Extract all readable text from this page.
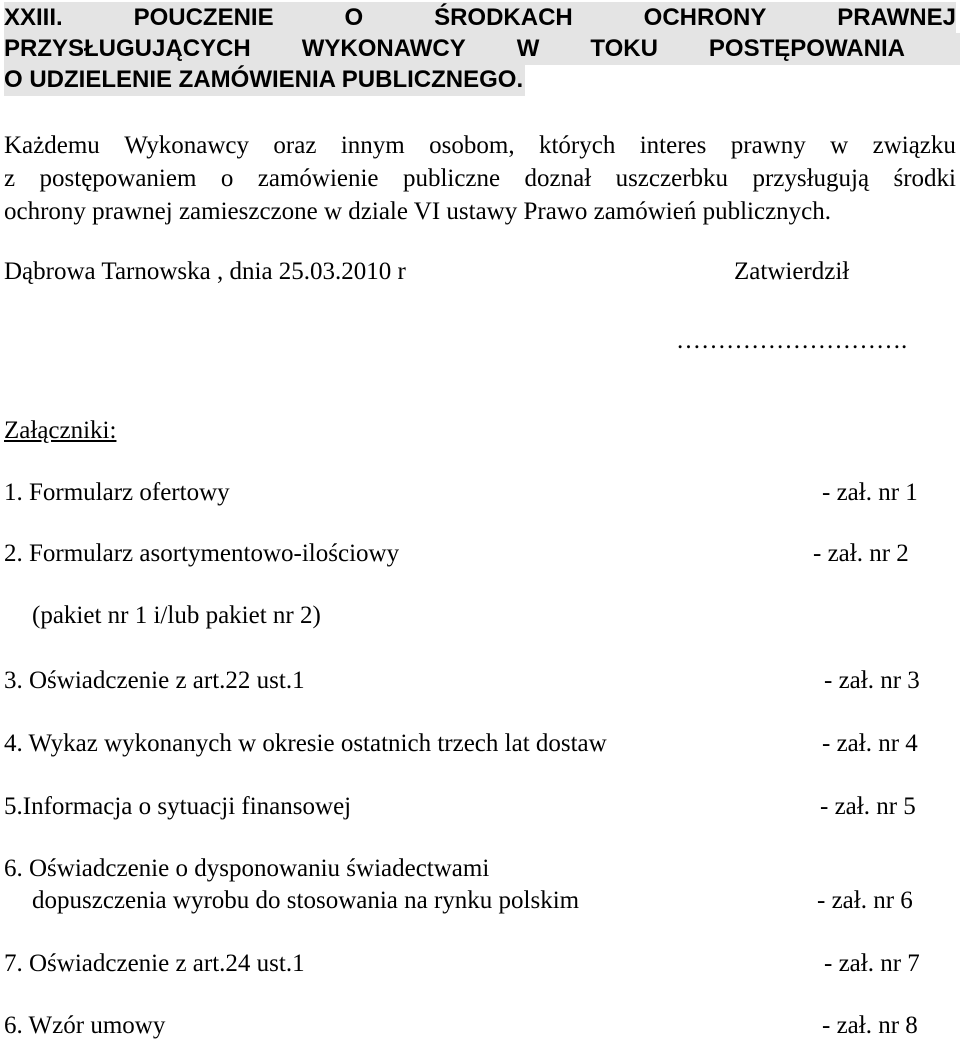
XXIII.	POUCZENIE	O	ŚRODKACH	OCHRONY	PRAWNEJ
PRZYSŁUGUJĄCYCH WYKONAWCY W TOKU POSTĘPOWANIA
O UDZIELENIE ZAMÓWIENIA PUBLICZNEGO.
Każdemu Wykonawcy oraz innym osobom, których interes prawny w związku
z postępowaniem o zamówienie publiczne doznał uszczerbku przysługują środki
ochrony prawnej zamieszczone w dziale VI ustawy Prawo zamówień publicznych.
Dąbrowa Tarnowska , dnia 25.03.2010 r	Zatwierdził
……………………….
Załączniki:
1. Formularz ofertowy	- zał. nr 1
2. Formularz asortymentowo-ilościowy	- zał. nr 2
(pakiet nr 1 i/lub pakiet nr 2)
3. Oświadczenie z art.22 ust.1	- zał. nr 3
4. Wykaz wykonanych w okresie ostatnich trzech lat dostaw	- zał. nr 4
5.Informacja o sytuacji finansowej	- zał. nr 5
6. Oświadczenie o dysponowaniu świadectwami
dopuszczenia wyrobu do stosowania na rynku polskim	- zał. nr 6
7. Oświadczenie z art.24 ust.1	- zał. nr 7
6. Wzór umowy	- zał. nr 8
